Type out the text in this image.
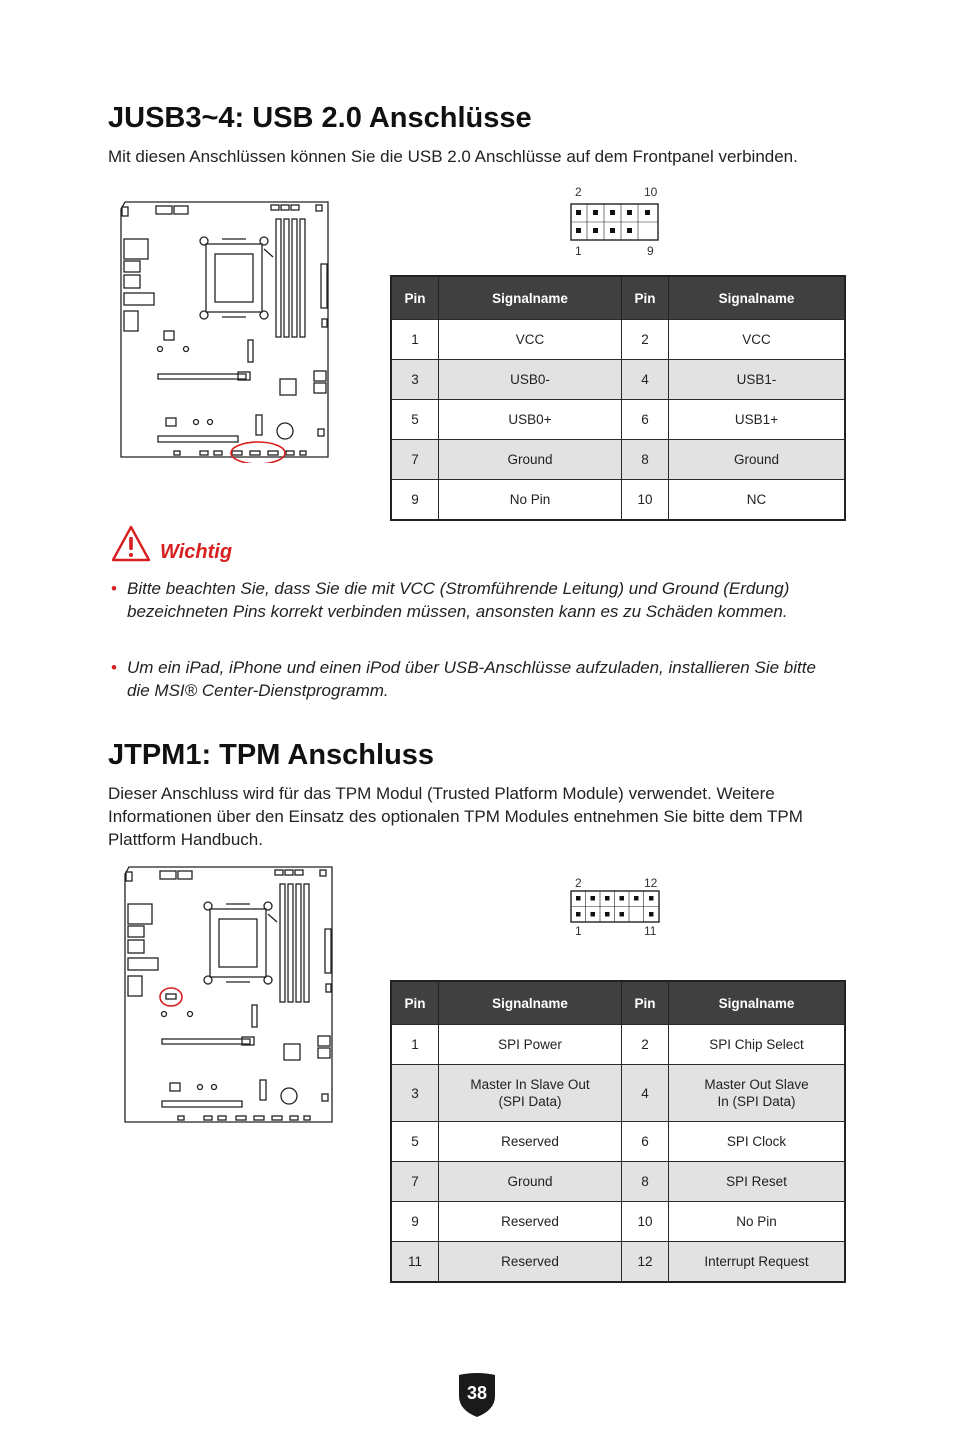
JUSB3~4: USB 2.0 Anschlüsse
Mit diesen Anschlüssen können Sie die USB 2.0 Anschlüsse auf dem Frontpanel verbinden.
2	10
1	9
Pin	Signalname	Pin	Signalname
1	VCC	2	VCC
3	USB0-	4	USB1-
5	USB0+	6	USB1+
7	Ground	8	Ground
9	No Pin	10	NC
Wichtig
• Bitte beachten Sie, dass Sie die mit VCC (Stromführende Leitung) und Ground (Erdung) bezeichneten Pins korrekt verbinden müssen, ansonsten kann es zu Schäden kommen.
• Um ein iPad, iPhone und einen iPod über USB-Anschlüsse aufzuladen, installieren Sie bitte die MSI® Center-Dienstprogramm.
JTPM1: TPM Anschluss
Dieser Anschluss wird für das TPM Modul (Trusted Platform Module) verwendet. Weitere Informationen über den Einsatz des optionalen TPM Modules entnehmen Sie bitte dem TPM Plattform Handbuch.
2	12
1	11
Pin	Signalname	Pin	Signalname
1	SPI Power	2	SPI Chip Select
3	Master In Slave Out (SPI Data)	4	Master Out Slave In (SPI Data)
5	Reserved	6	SPI Clock
7	Ground	8	SPI Reset
9	Reserved	10	No Pin
11	Reserved	12	Interrupt Request
38
